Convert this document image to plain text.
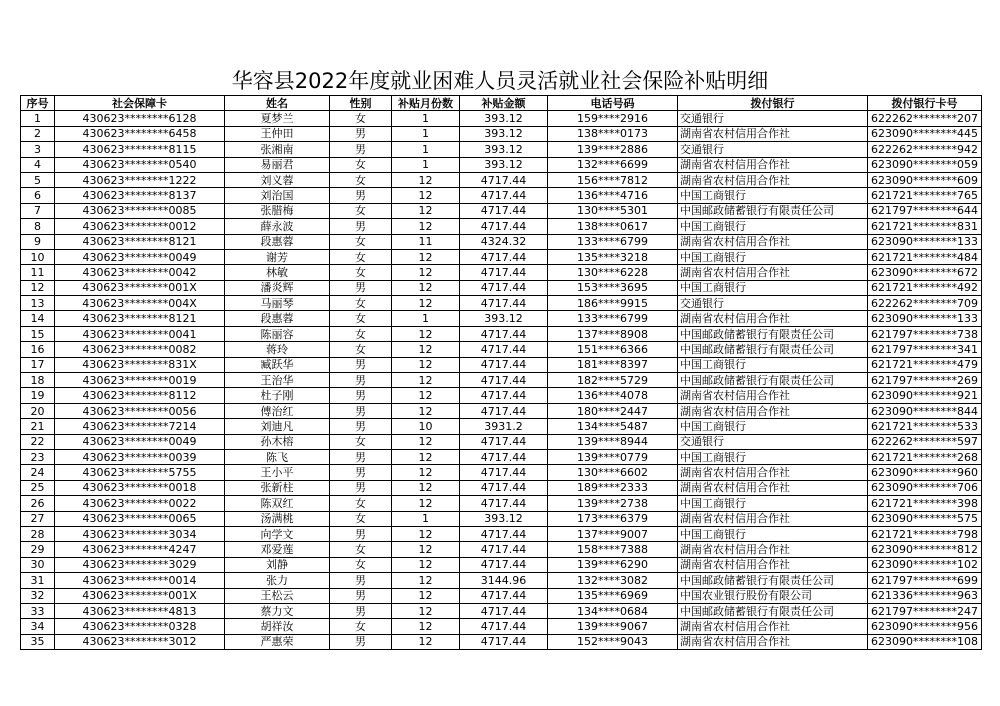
华容县2022年度就业困难人员灵活就业社会保险补贴明细
序号	社会保障卡	姓名	性别	补贴月份数	补贴金额	电话号码	拨付银行	拨付银行卡号
1	430623********6128	夏梦兰	女	1	393.12	159****2916	交通银行	622262********207
2	430623********6458	王仲田	男	1	393.12	138****0173	湖南省农村信用合作社	623090********445
3	430623********8115	张湘南	男	1	393.12	139****2886	交通银行	622262********942
4	430623********0540	易丽君	女	1	393.12	132****6699	湖南省农村信用合作社	623090********059
5	430623********1222	刘义蓉	女	12	4717.44	156****7812	湖南省农村信用合作社	623090********609
6	430623********8137	刘治国	男	12	4717.44	136****4716	中国工商银行	621721********765
7	430623********0085	张腊梅	女	12	4717.44	130****5301	中国邮政储蓄银行有限责任公司	621797********644
8	430623********0012	薛永波	男	12	4717.44	138****0617	中国工商银行	621721********831
9	430623********8121	段惠蓉	女	11	4324.32	133****6799	湖南省农村信用合作社	623090********133
10	430623********0049	谢芳	女	12	4717.44	135****3218	中国工商银行	621721********484
11	430623********0042	林敏	女	12	4717.44	130****6228	湖南省农村信用合作社	623090********672
12	430623********001X	潘炎辉	男	12	4717.44	153****3695	中国工商银行	621721********492
13	430623********004X	马丽琴	女	12	4717.44	186****9915	交通银行	622262********709
14	430623********8121	段惠蓉	女	1	393.12	133****6799	湖南省农村信用合作社	623090********133
15	430623********0041	陈丽容	女	12	4717.44	137****8908	中国邮政储蓄银行有限责任公司	621797********738
16	430623********0082	蒋玲	女	12	4717.44	151****6366	中国邮政储蓄银行有限责任公司	621797********341
17	430623********831X	臧跃华	男	12	4717.44	181****8397	中国工商银行	621721********479
18	430623********0019	王治华	男	12	4717.44	182****5729	中国邮政储蓄银行有限责任公司	621797********269
19	430623********8112	杜子刚	男	12	4717.44	136****4078	湖南省农村信用合作社	623090********921
20	430623********0056	傅治红	男	12	4717.44	180****2447	湖南省农村信用合作社	623090********844
21	430623********7214	刘迪凡	男	10	3931.2	134****5487	中国工商银行	621721********533
22	430623********0049	孙木榕	女	12	4717.44	139****8944	交通银行	622262********597
23	430623********0039	陈飞	男	12	4717.44	139****0779	中国工商银行	621721********268
24	430623********5755	王小平	男	12	4717.44	130****6602	湖南省农村信用合作社	623090********960
25	430623********0018	张新柱	男	12	4717.44	189****2333	湖南省农村信用合作社	623090********706
26	430623********0022	陈双红	女	12	4717.44	139****2738	中国工商银行	621721********398
27	430623********0065	汤满桃	女	1	393.12	173****6379	湖南省农村信用合作社	623090********575
28	430623********3034	向学文	男	12	4717.44	137****9007	中国工商银行	621721********798
29	430623********4247	邓爱莲	女	12	4717.44	158****7388	湖南省农村信用合作社	623090********812
30	430623********3029	刘静	女	12	4717.44	139****6290	湖南省农村信用合作社	623090********102
31	430623********0014	张力	男	12	3144.96	132****3082	中国邮政储蓄银行有限责任公司	621797********699
32	430623********001X	王松云	男	12	4717.44	135****6969	中国农业银行股份有限公司	621336********963
33	430623********4813	蔡力文	男	12	4717.44	134****0684	中国邮政储蓄银行有限责任公司	621797********247
34	430623********0328	胡祥汝	女	12	4717.44	139****9067	湖南省农村信用合作社	623090********956
35	430623********3012	严惠荣	男	12	4717.44	152****9043	湖南省农村信用合作社	623090********108
